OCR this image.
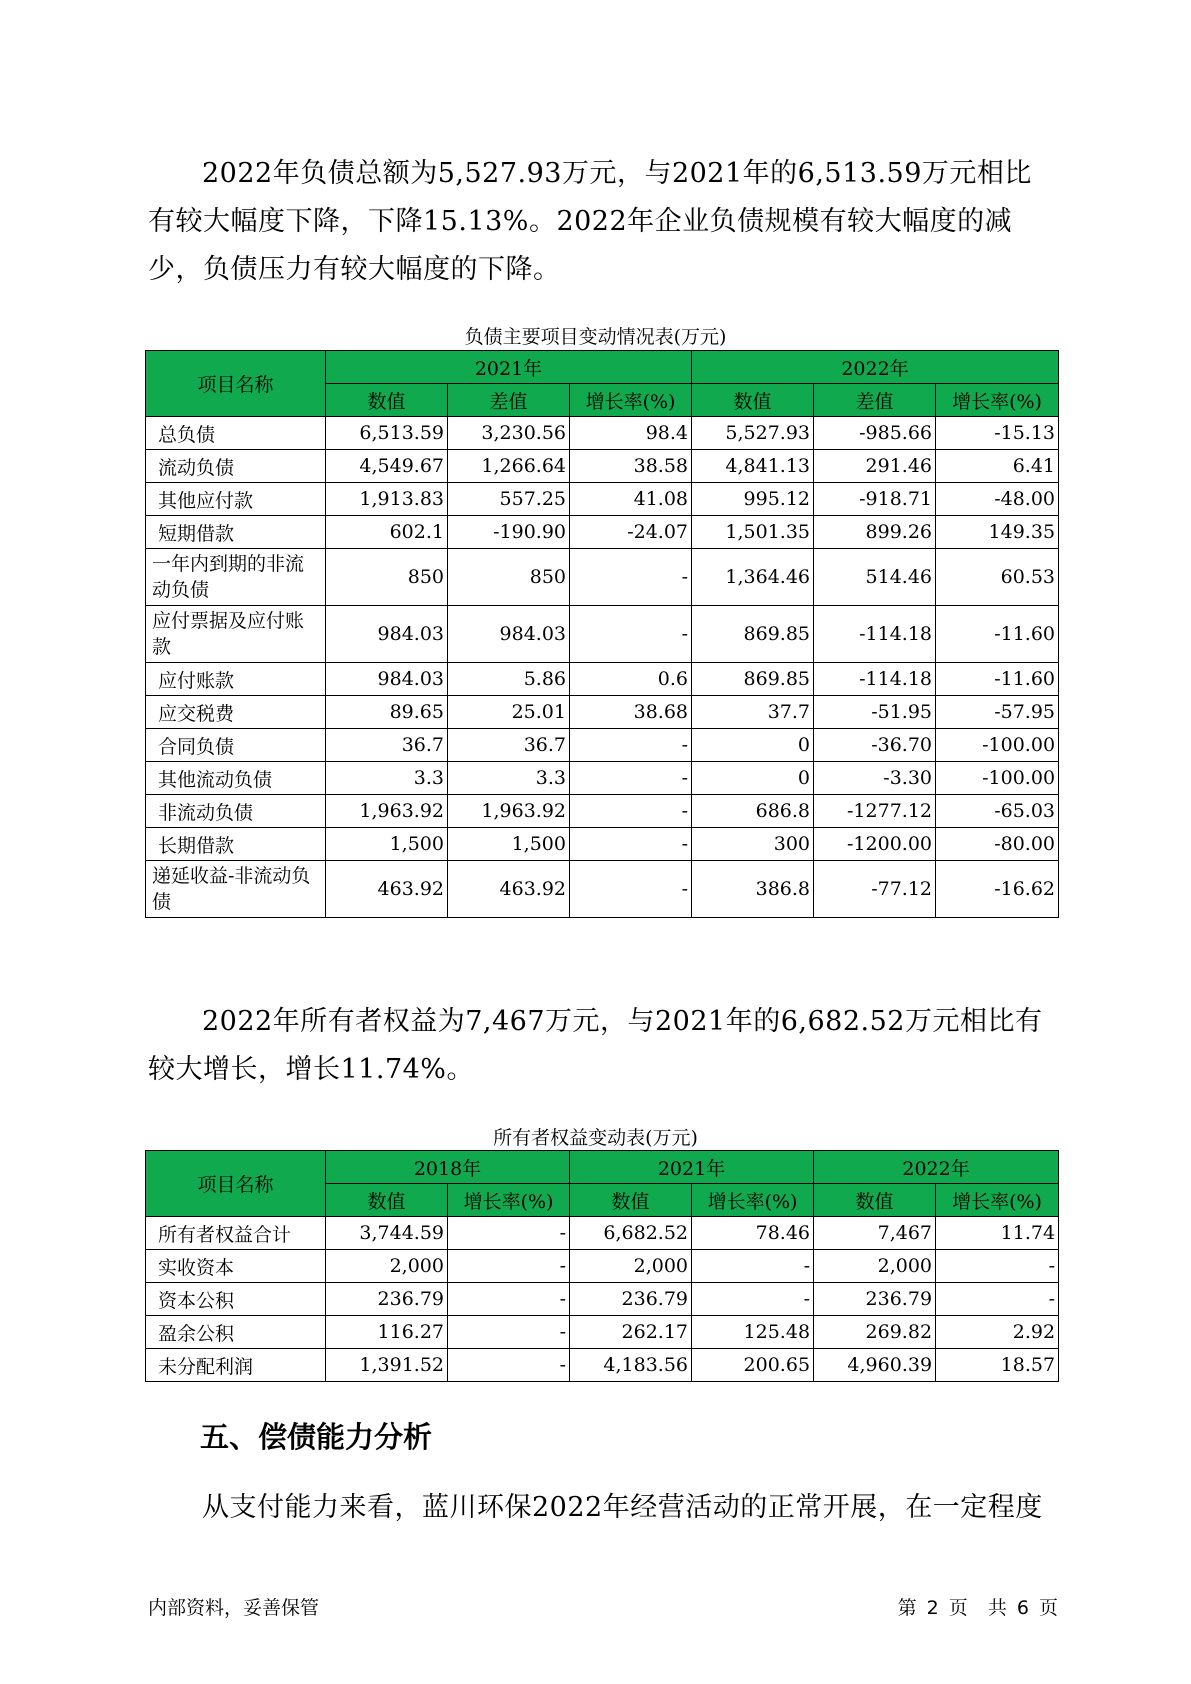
2022年负债总额为5,527.93万元，与2021年的6,513.59万元相比有较大幅度下降，下降15.13%。2022年企业负债规模有较大幅度的减少，负债压力有较大幅度的下降。
负债主要项目变动情况表(万元)
项目名称	2021年			2022年		
	数值	差值	增长率(%)	数值	差值	增长率(%)
总负债	6,513.59	3,230.56	98.4	5,527.93	-985.66	-15.13
流动负债	4,549.67	1,266.64	38.58	4,841.13	291.46	6.41
其他应付款	1,913.83	557.25	41.08	995.12	-918.71	-48.00
短期借款	602.1	-190.90	-24.07	1,501.35	899.26	149.35
一年内到期的非流动负债	850	850	-	1,364.46	514.46	60.53
应付票据及应付账款	984.03	984.03	-	869.85	-114.18	-11.60
应付账款	984.03	5.86	0.6	869.85	-114.18	-11.60
应交税费	89.65	25.01	38.68	37.7	-51.95	-57.95
合同负债	36.7	36.7	-	0	-36.70	-100.00
其他流动负债	3.3	3.3	-	0	-3.30	-100.00
非流动负债	1,963.92	1,963.92	-	686.8	-1277.12	-65.03
长期借款	1,500	1,500	-	300	-1200.00	-80.00
递延收益-非流动负债	463.92	463.92	-	386.8	-77.12	-16.62
2022年所有者权益为7,467万元，与2021年的6,682.52万元相比有较大增长，增长11.74%。
所有者权益变动表(万元)
项目名称	2018年		2021年		2022年	
	数值	增长率(%)	数值	增长率(%)	数值	增长率(%)
所有者权益合计	3,744.59	-	6,682.52	78.46	7,467	11.74
实收资本	2,000	-	2,000	-	2,000	-
资本公积	236.79	-	236.79	-	236.79	-
盈余公积	116.27	-	262.17	125.48	269.82	2.92
未分配利润	1,391.52	-	4,183.56	200.65	4,960.39	18.57
五、偿债能力分析
从支付能力来看，蓝川环保2022年经营活动的正常开展，在一定程度
内部资料，妥善保管	第 2 页  共 6 页
